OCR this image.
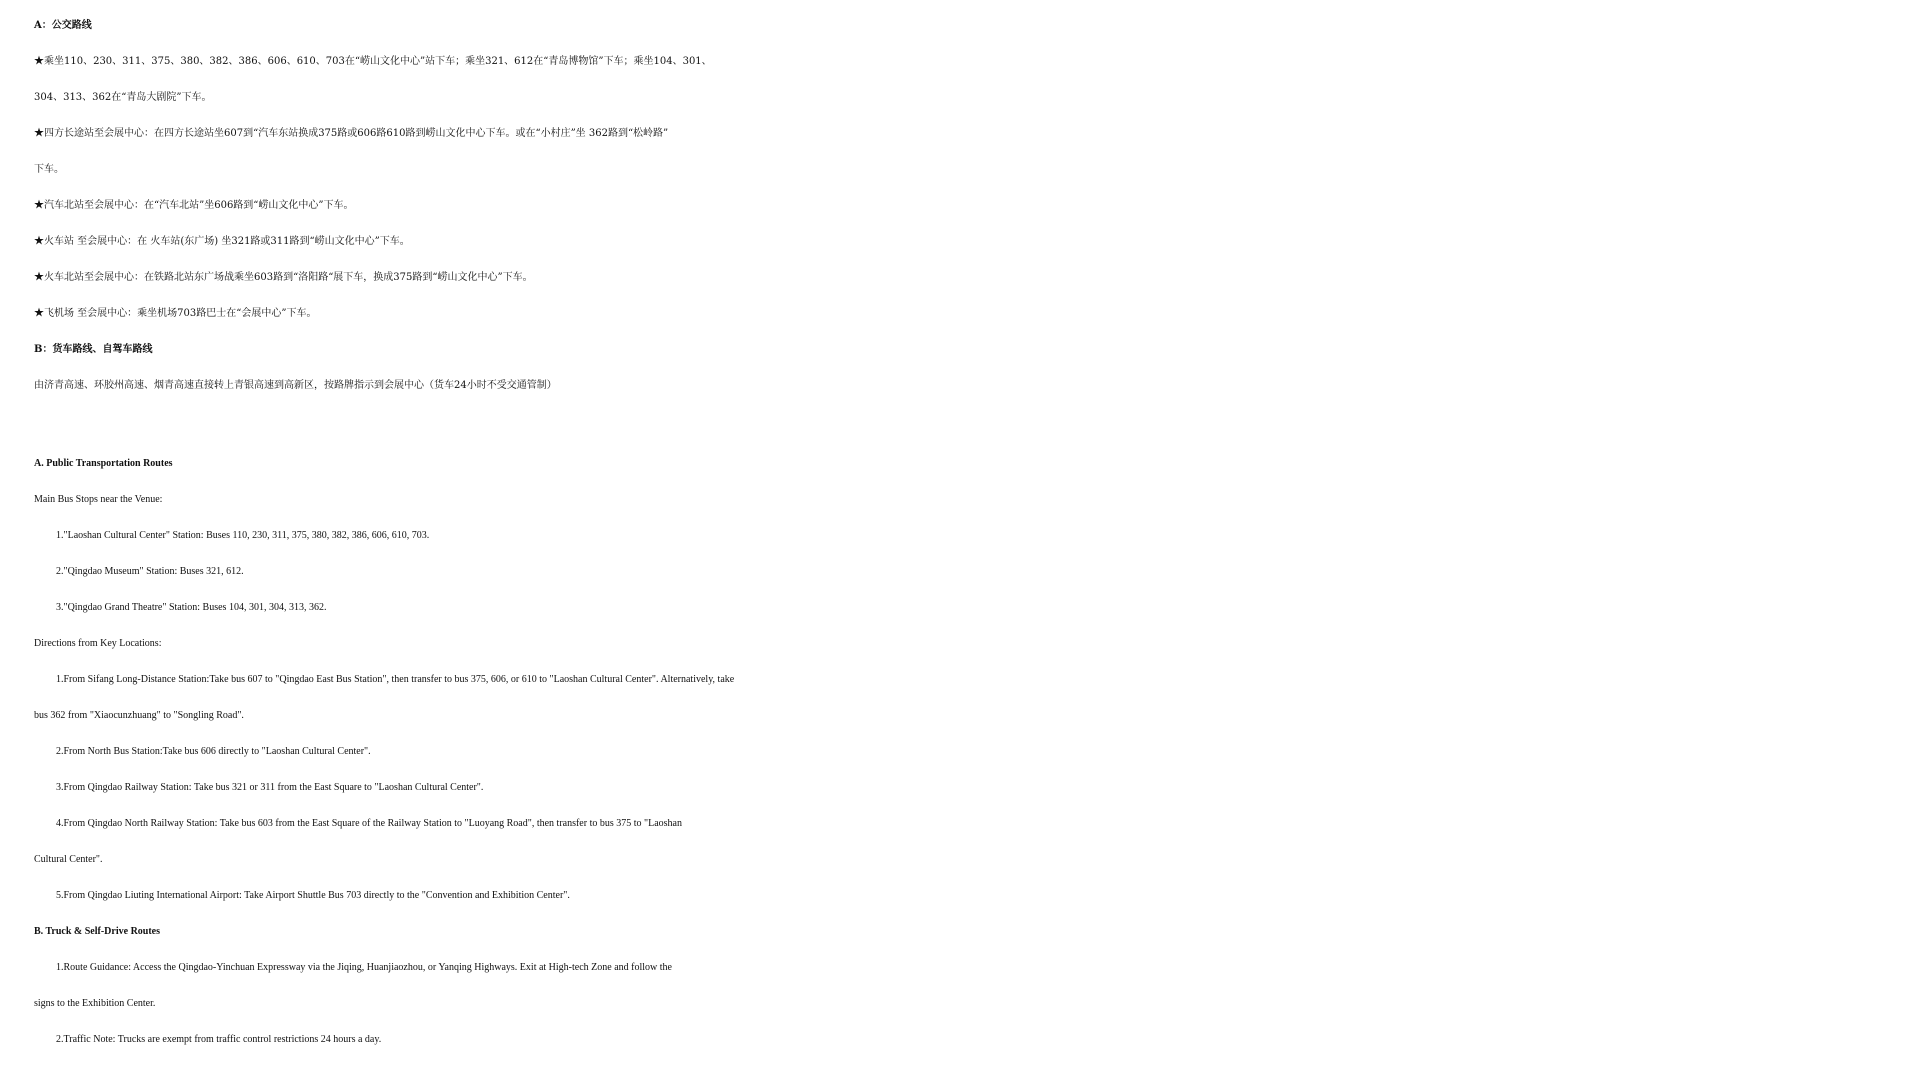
A：公交路线
★乘坐110、230、311、375、380、382、386、606、610、703在“崂山文化中心”站下车；乘坐321、612在“青岛博物馆”下车；乘坐104、301、
304、313、362在“青岛大剧院”下车。
★四方长途站至会展中心：在四方长途站坐607到“汽车东站换成375路或606路610路到崂山文化中心下车。或在“小村庄”坐 362路到“松岭路”
下车。
★汽车北站至会展中心：在“汽车北站”坐606路到“崂山文化中心”下车。
★火车站 至会展中心：在 火车站(东广场) 坐321路或311路到“崂山文化中心”下车。
★火车北站至会展中心：在铁路北站东广场战乘坐603路到“洛阳路“展下车，换成375路到“崂山文化中心”下车。
★飞机场 至会展中心：乘坐机场703路巴士在“会展中心”下车。
B：货车路线、自驾车路线
由济青高速、环胶州高速、烟青高速直接转上青银高速到高新区，按路牌指示到会展中心（货车24小时不受交通管制）
A. Public Transportation Routes
Main Bus Stops near the Venue:
1."Laoshan Cultural Center" Station: Buses 110, 230, 311, 375, 380, 382, 386, 606, 610, 703.
2."Qingdao Museum" Station: Buses 321, 612.
3."Qingdao Grand Theatre" Station: Buses 104, 301, 304, 313, 362.
Directions from Key Locations:
1.From Sifang Long-Distance Station:Take bus 607 to "Qingdao East Bus Station", then transfer to bus 375, 606, or 610 to "Laoshan Cultural Center". Alternatively, take
bus 362 from "Xiaocunzhuang" to "Songling Road".
2.From North Bus Station:Take bus 606 directly to "Laoshan Cultural Center".
3.From Qingdao Railway Station: Take bus 321 or 311 from the East Square to "Laoshan Cultural Center".
4.From Qingdao North Railway Station: Take bus 603 from the East Square of the Railway Station to "Luoyang Road", then transfer to bus 375 to "Laoshan
Cultural Center".
5.From Qingdao Liuting International Airport: Take Airport Shuttle Bus 703 directly to the "Convention and Exhibition Center".
B. Truck & Self-Drive Routes
1.Route Guidance: Access the Qingdao-Yinchuan Expressway via the Jiqing, Huanjiaozhou, or Yanqing Highways. Exit at High-tech Zone and follow the
signs to the Exhibition Center.
2.Traffic Note: Trucks are exempt from traffic control restrictions 24 hours a day.
